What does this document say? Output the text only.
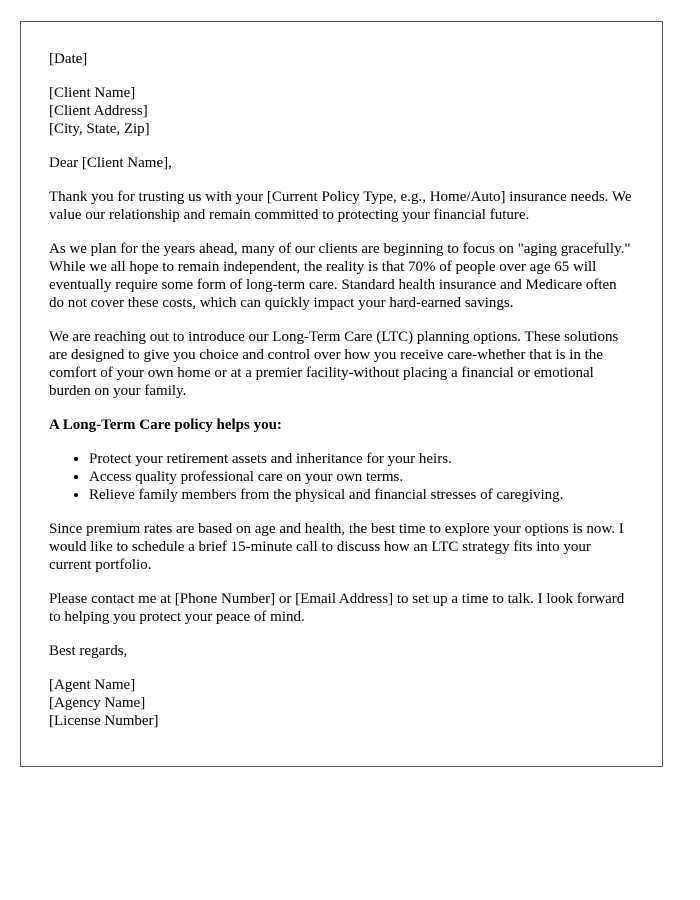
[Date]

[Client Name]
[Client Address]
[City, State, Zip]

Dear [Client Name],

Thank you for trusting us with your [Current Policy Type, e.g., Home/Auto] insurance needs. We value our relationship and remain committed to protecting your financial future.

As we plan for the years ahead, many of our clients are beginning to focus on "aging gracefully." While we all hope to remain independent, the reality is that 70% of people over age 65 will eventually require some form of long-term care. Standard health insurance and Medicare often do not cover these costs, which can quickly impact your hard-earned savings.

We are reaching out to introduce our Long-Term Care (LTC) planning options. These solutions are designed to give you choice and control over how you receive care-whether that is in the comfort of your own home or at a premier facility-without placing a financial or emotional burden on your family.

A Long-Term Care policy helps you:

• Protect your retirement assets and inheritance for your heirs.
• Access quality professional care on your own terms.
• Relieve family members from the physical and financial stresses of caregiving.

Since premium rates are based on age and health, the best time to explore your options is now. I would like to schedule a brief 15-minute call to discuss how an LTC strategy fits into your current portfolio.

Please contact me at [Phone Number] or [Email Address] to set up a time to talk. I look forward to helping you protect your peace of mind.

Best regards,

[Agent Name]
[Agency Name]
[License Number]
